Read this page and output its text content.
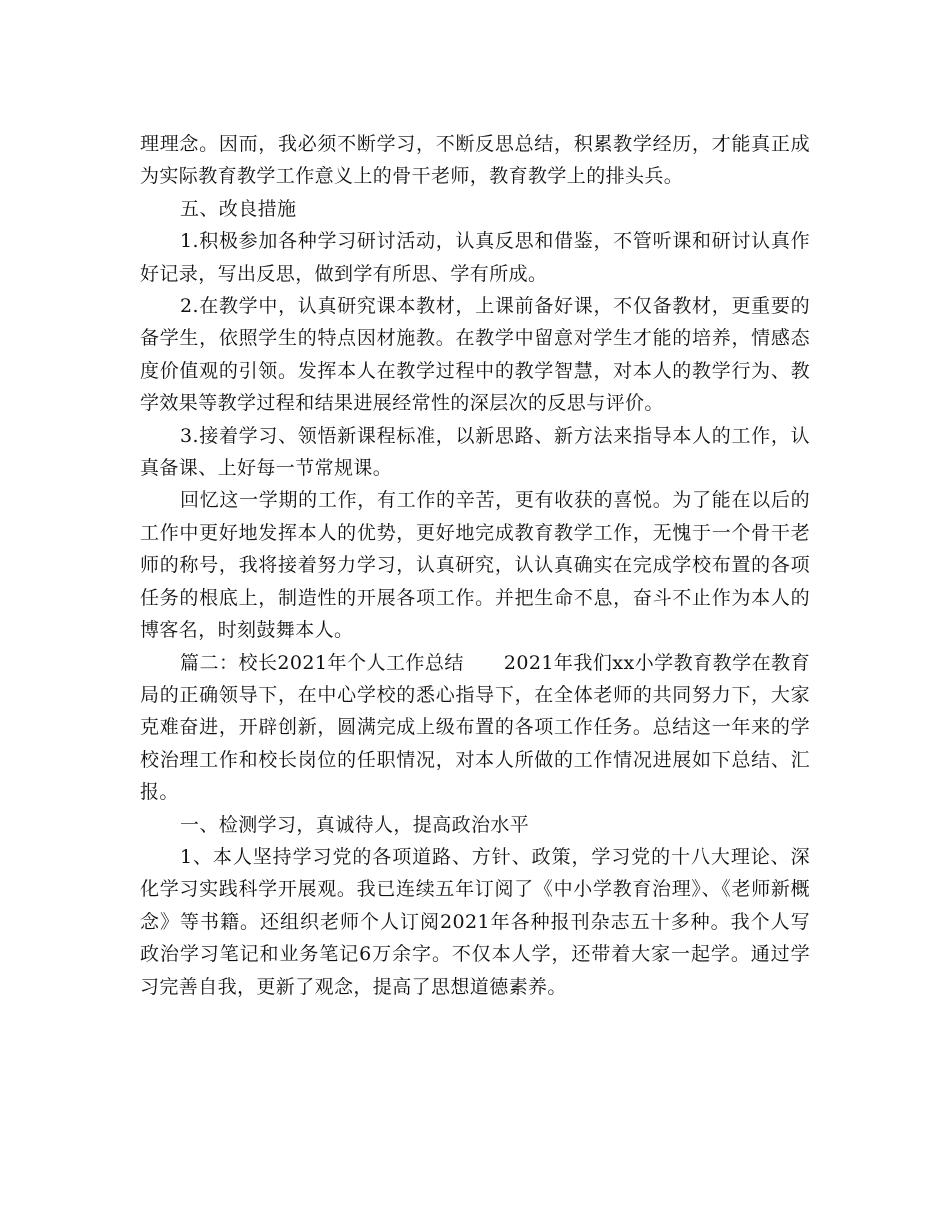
理理念。因而，我必须不断学习，不断反思总结，积累教学经历，才能真正成为实际教育教学工作意义上的骨干老师，教育教学上的排头兵。

五、改良措施

1.积极参加各种学习研讨活动，认真反思和借鉴，不管听课和研讨认真作好记录，写出反思，做到学有所思、学有所成。

2.在教学中，认真研究课本教材，上课前备好课，不仅备教材，更重要的备学生，依照学生的特点因材施教。在教学中留意对学生才能的培养，情感态度价值观的引领。发挥本人在教学过程中的教学智慧，对本人的教学行为、教学效果等教学过程和结果进展经常性的深层次的反思与评价。

3.接着学习、领悟新课程标准，以新思路、新方法来指导本人的工作，认真备课、上好每一节常规课。

回忆这一学期的工作，有工作的辛苦，更有收获的喜悦。为了能在以后的工作中更好地发挥本人的优势，更好地完成教育教学工作，无愧于一个骨干老师的称号，我将接着努力学习，认真研究，认认真确实在完成学校布置的各项任务的根底上，制造性的开展各项工作。并把生命不息，奋斗不止作为本人的博客名，时刻鼓舞本人。

篇二：校长2021年个人工作总结 2021年我们xx小学教育教学在教育局的正确领导下，在中心学校的悉心指导下，在全体老师的共同努力下，大家克难奋进，开辟创新，圆满完成上级布置的各项工作任务。总结这一年来的学校治理工作和校长岗位的任职情况，对本人所做的工作情况进展如下总结、汇报。

一、检测学习，真诚待人，提高政治水平

1、本人坚持学习党的各项道路、方针、政策，学习党的十八大理论、深化学习实践科学开展观。我已连续五年订阅了《中小学教育治理》、《老师新概念》等书籍。还组织老师个人订阅2021年各种报刊杂志五十多种。我个人写政治学习笔记和业务笔记6万余字。不仅本人学，还带着大家一起学。通过学习完善自我，更新了观念，提高了思想道德素养。
